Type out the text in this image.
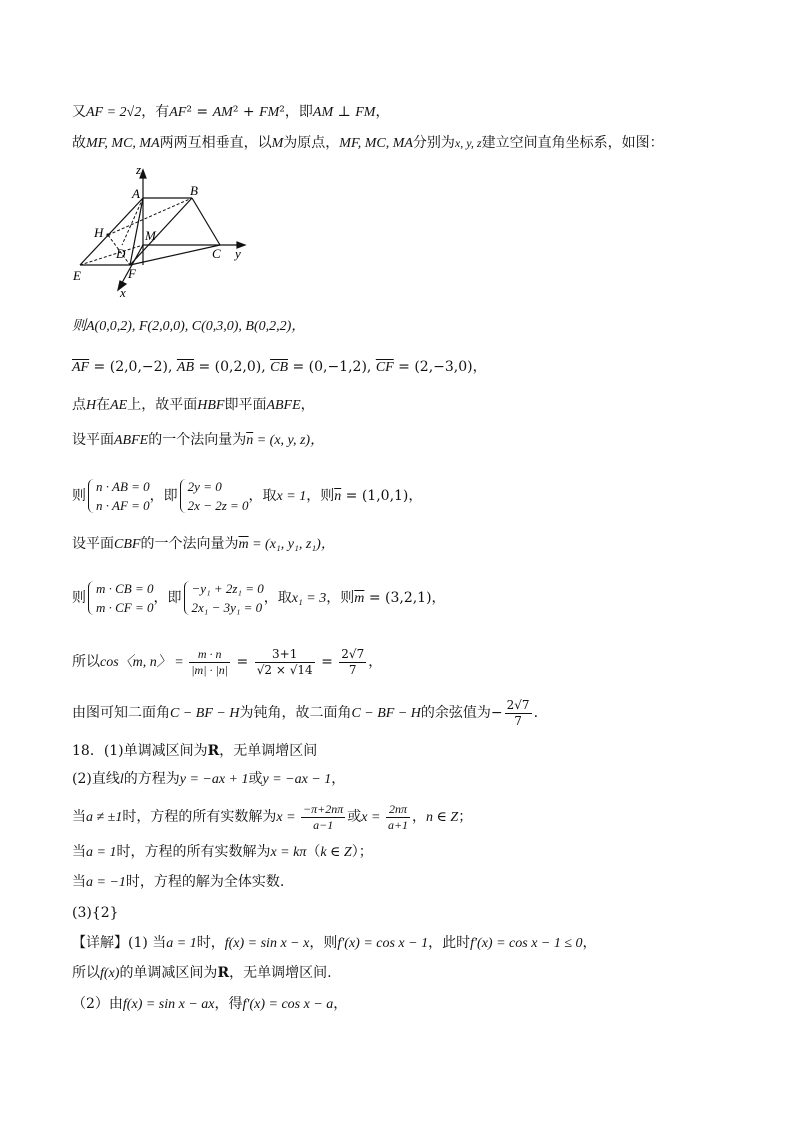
又AF = 2√2，有AF² = AM² + FM²，即AM ⊥ FM，
故MF, MC, MA两两互相垂直，以M为原点，MF, MC, MA分别为x, y, z建立空间直角坐标系，如图：
z
A	B
H	M
D	C y
E	F
x
则A(0,0,2), F(2,0,0), C(0,3,0), B(0,2,2)，
$\overline{AF} = (2,0,-2)$, $\overline{AB} = (0,2,0)$, $\overline{CB} = (0,-1,2)$, $\overline{CF} = (2,-3,0)$，
点H在AE上，故平面HBF即平面ABFE，
设平面ABFE的一个法向量为$\overline{n} = (x$, y, z)，
则
n · AB = 0
n · AF = 0
，即
2y = 0
2x − 2z = 0
，取x = 1，则$\overline{n} = (1,0,1)$，
设平面CBF的一个法向量为$\overline{m} = (x_1$, y₁, z₁)，
则
m · CB = 0
m · CF = 0
，即
−y₁ + 2z₁ = 0
2x₁ − 3y₁ = 0
，取x₁ = 3，则$\overline{m} = (3,2,1)$，
所以cos〈m, n〉 = $\frac{m \cdot n}{|m| \cdot |n|} = \frac{3+1}{√2 \times √14} = \frac{2√7}{7}$ ，
由图可知二面角C − BF − H为钝角，故二面角C − BF − H的余弦值为− $\frac{2√7}{7}$ .
18．(1)单调减区间为R，无单调增区间
(2)直线l的方程为y = −ax + 1或y = −ax − 1，
当a ≠ ±1时，方程的所有实数解为$x = \frac{-\pi+2n\pi}{a-1}$ 或$x = \frac{2n\pi}{a+1}$ ，n ∈ Z；
当a = 1时，方程的所有实数解为x = kπ（k ∈ Z）；
当a = −1时，方程的解为全体实数.
(3){2}
【详解】(1) 当a = 1时，f(x) = sin x − x，则f′(x) = cos x − 1，此时f′(x) = cos x − 1 ≤ 0，
所以f(x)的单调减区间为R，无单调增区间.
（2）由f(x) = sin x − ax，得f′(x) = cos x − a，
